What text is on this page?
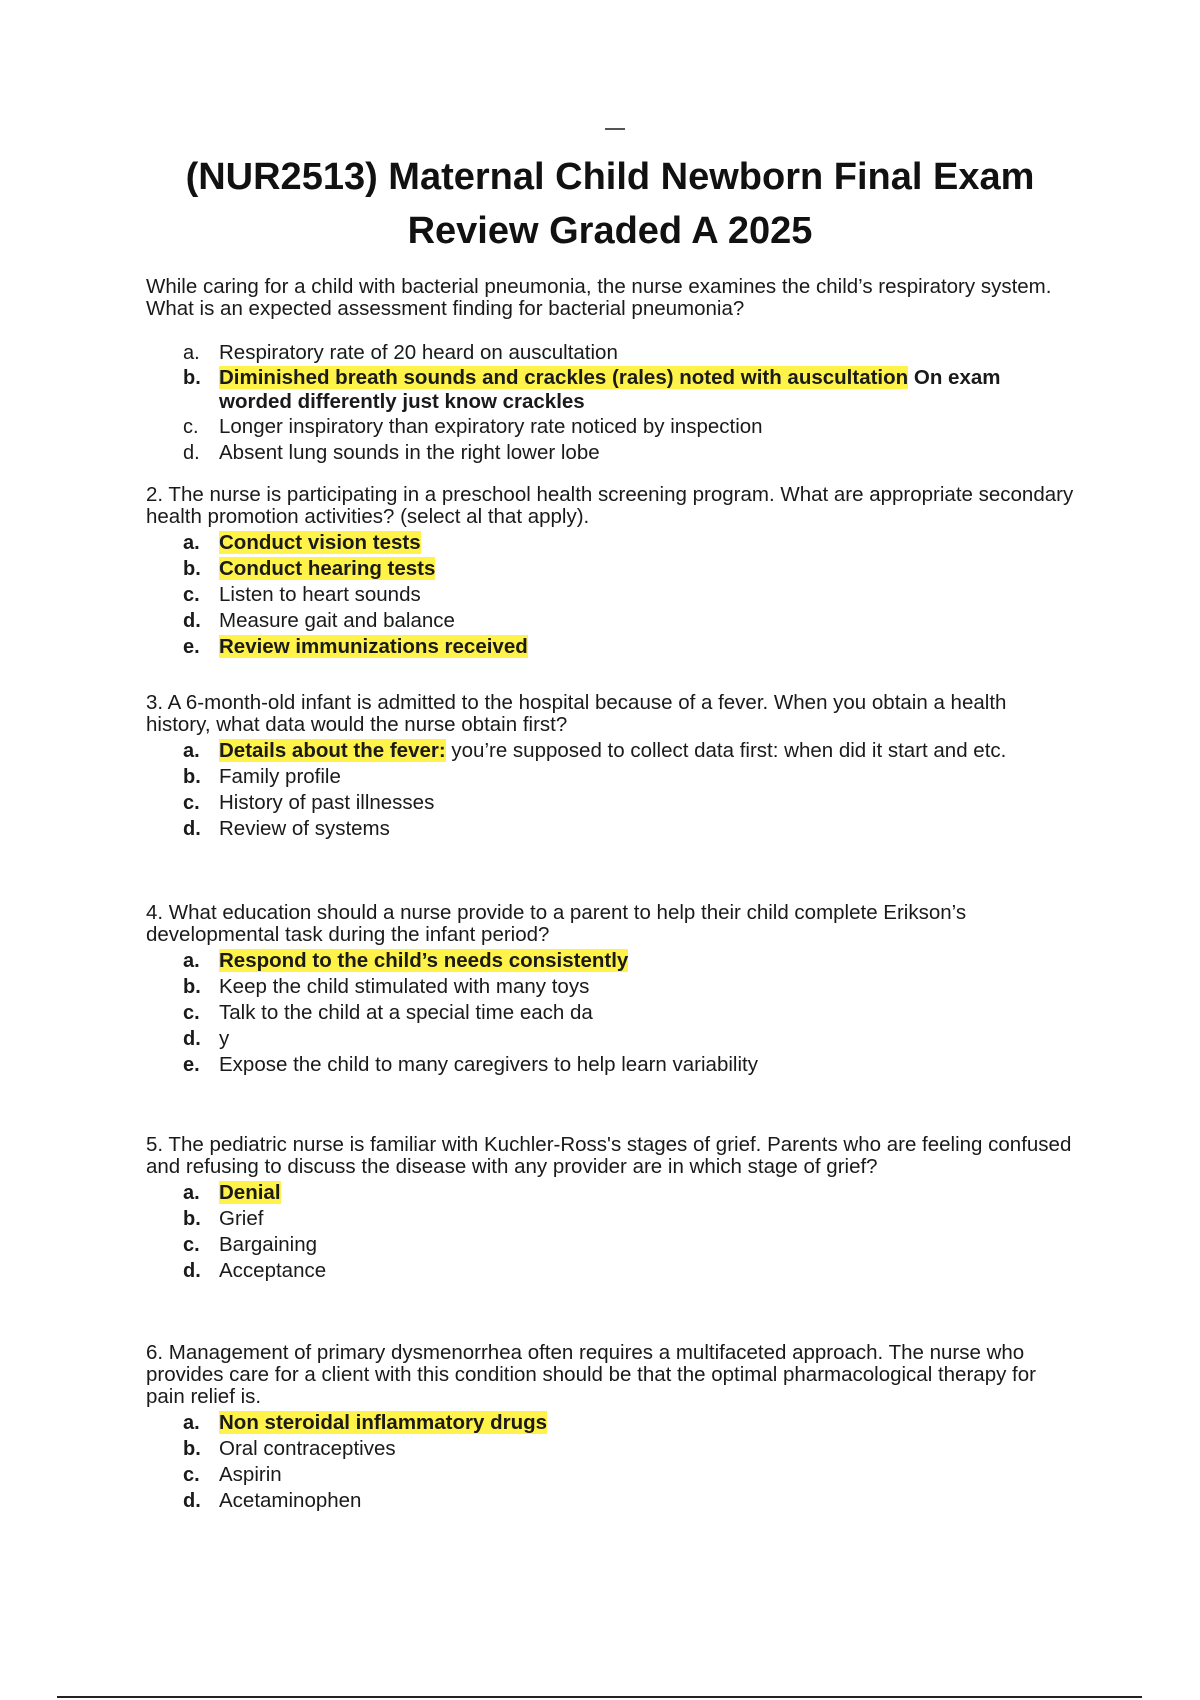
(NUR2513) Maternal Child Newborn Final Exam Review Graded A 2025

While caring for a child with bacterial pneumonia, the nurse examines the child’s respiratory system. What is an expected assessment finding for bacterial pneumonia?

a. Respiratory rate of 20 heard on auscultation
b. Diminished breath sounds and crackles (rales) noted with auscultation On exam worded differently just know crackles
c. Longer inspiratory than expiratory rate noticed by inspection
d. Absent lung sounds in the right lower lobe

2. The nurse is participating in a preschool health screening program. What are appropriate secondary health promotion activities? (select al that apply).

a. Conduct vision tests
b. Conduct hearing tests
c. Listen to heart sounds
d. Measure gait and balance
e. Review immunizations received

3. A 6-month-old infant is admitted to the hospital because of a fever. When you obtain a health history, what data would the nurse obtain first?

a. Details about the fever: you’re supposed to collect data first: when did it start and etc.
b. Family profile
c. History of past illnesses
d. Review of systems

4. What education should a nurse provide to a parent to help their child complete Erikson’s developmental task during the infant period?

a. Respond to the child’s needs consistently
b. Keep the child stimulated with many toys
c. Talk to the child at a special time each da
d. y
e. Expose the child to many caregivers to help learn variability

5. The pediatric nurse is familiar with Kuchler-Ross's stages of grief. Parents who are feeling confused and refusing to discuss the disease with any provider are in which stage of grief?

a. Denial
b. Grief
c. Bargaining
d. Acceptance

6. Management of primary dysmenorrhea often requires a multifaceted approach. The nurse who provides care for a client with this condition should be that the optimal pharmacological therapy for pain relief is.

a. Non steroidal inflammatory drugs
b. Oral contraceptives
c. Aspirin
d. Acetaminophen
